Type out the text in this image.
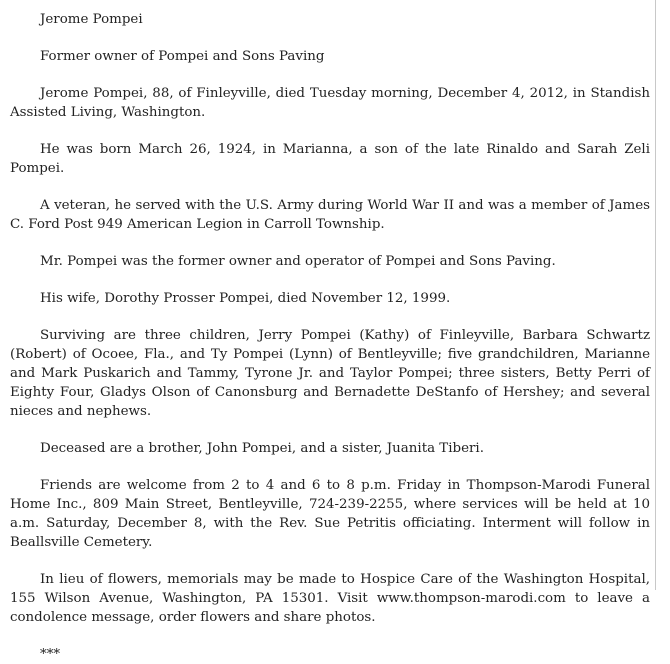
Jerome Pompei

Former owner of Pompei and Sons Paving

Jerome Pompei, 88, of Finleyville, died Tuesday morning, December 4, 2012, in Standish Assisted Living, Washington.

He was born March 26, 1924, in Marianna, a son of the late Rinaldo and Sarah Zeli Pompei.

A veteran, he served with the U.S. Army during World War II and was a member of James C. Ford Post 949 American Legion in Carroll Township.

Mr. Pompei was the former owner and operator of Pompei and Sons Paving.

His wife, Dorothy Prosser Pompei, died November 12, 1999.

Surviving are three children, Jerry Pompei (Kathy) of Finleyville, Barbara Schwartz (Robert) of Ocoee, Fla., and Ty Pompei (Lynn) of Bentleyville; five grandchildren, Marianne and Mark Puskarich and Tammy, Tyrone Jr. and Taylor Pompei; three sisters, Betty Perri of Eighty Four, Gladys Olson of Canonsburg and Bernadette DeStanfo of Hershey; and several nieces and nephews.

Deceased are a brother, John Pompei, and a sister, Juanita Tiberi.

Friends are welcome from 2 to 4 and 6 to 8 p.m. Friday in Thompson-Marodi Funeral Home Inc., 809 Main Street, Bentleyville, 724-239-2255, where services will be held at 10 a.m. Saturday, December 8, with the Rev. Sue Petritis officiating. Interment will follow in Beallsville Cemetery.

In lieu of flowers, memorials may be made to Hospice Care of the Washington Hospital, 155 Wilson Avenue, Washington, PA 15301. Visit www.thompson-marodi.com to leave a condolence message, order flowers and share photos.

***
